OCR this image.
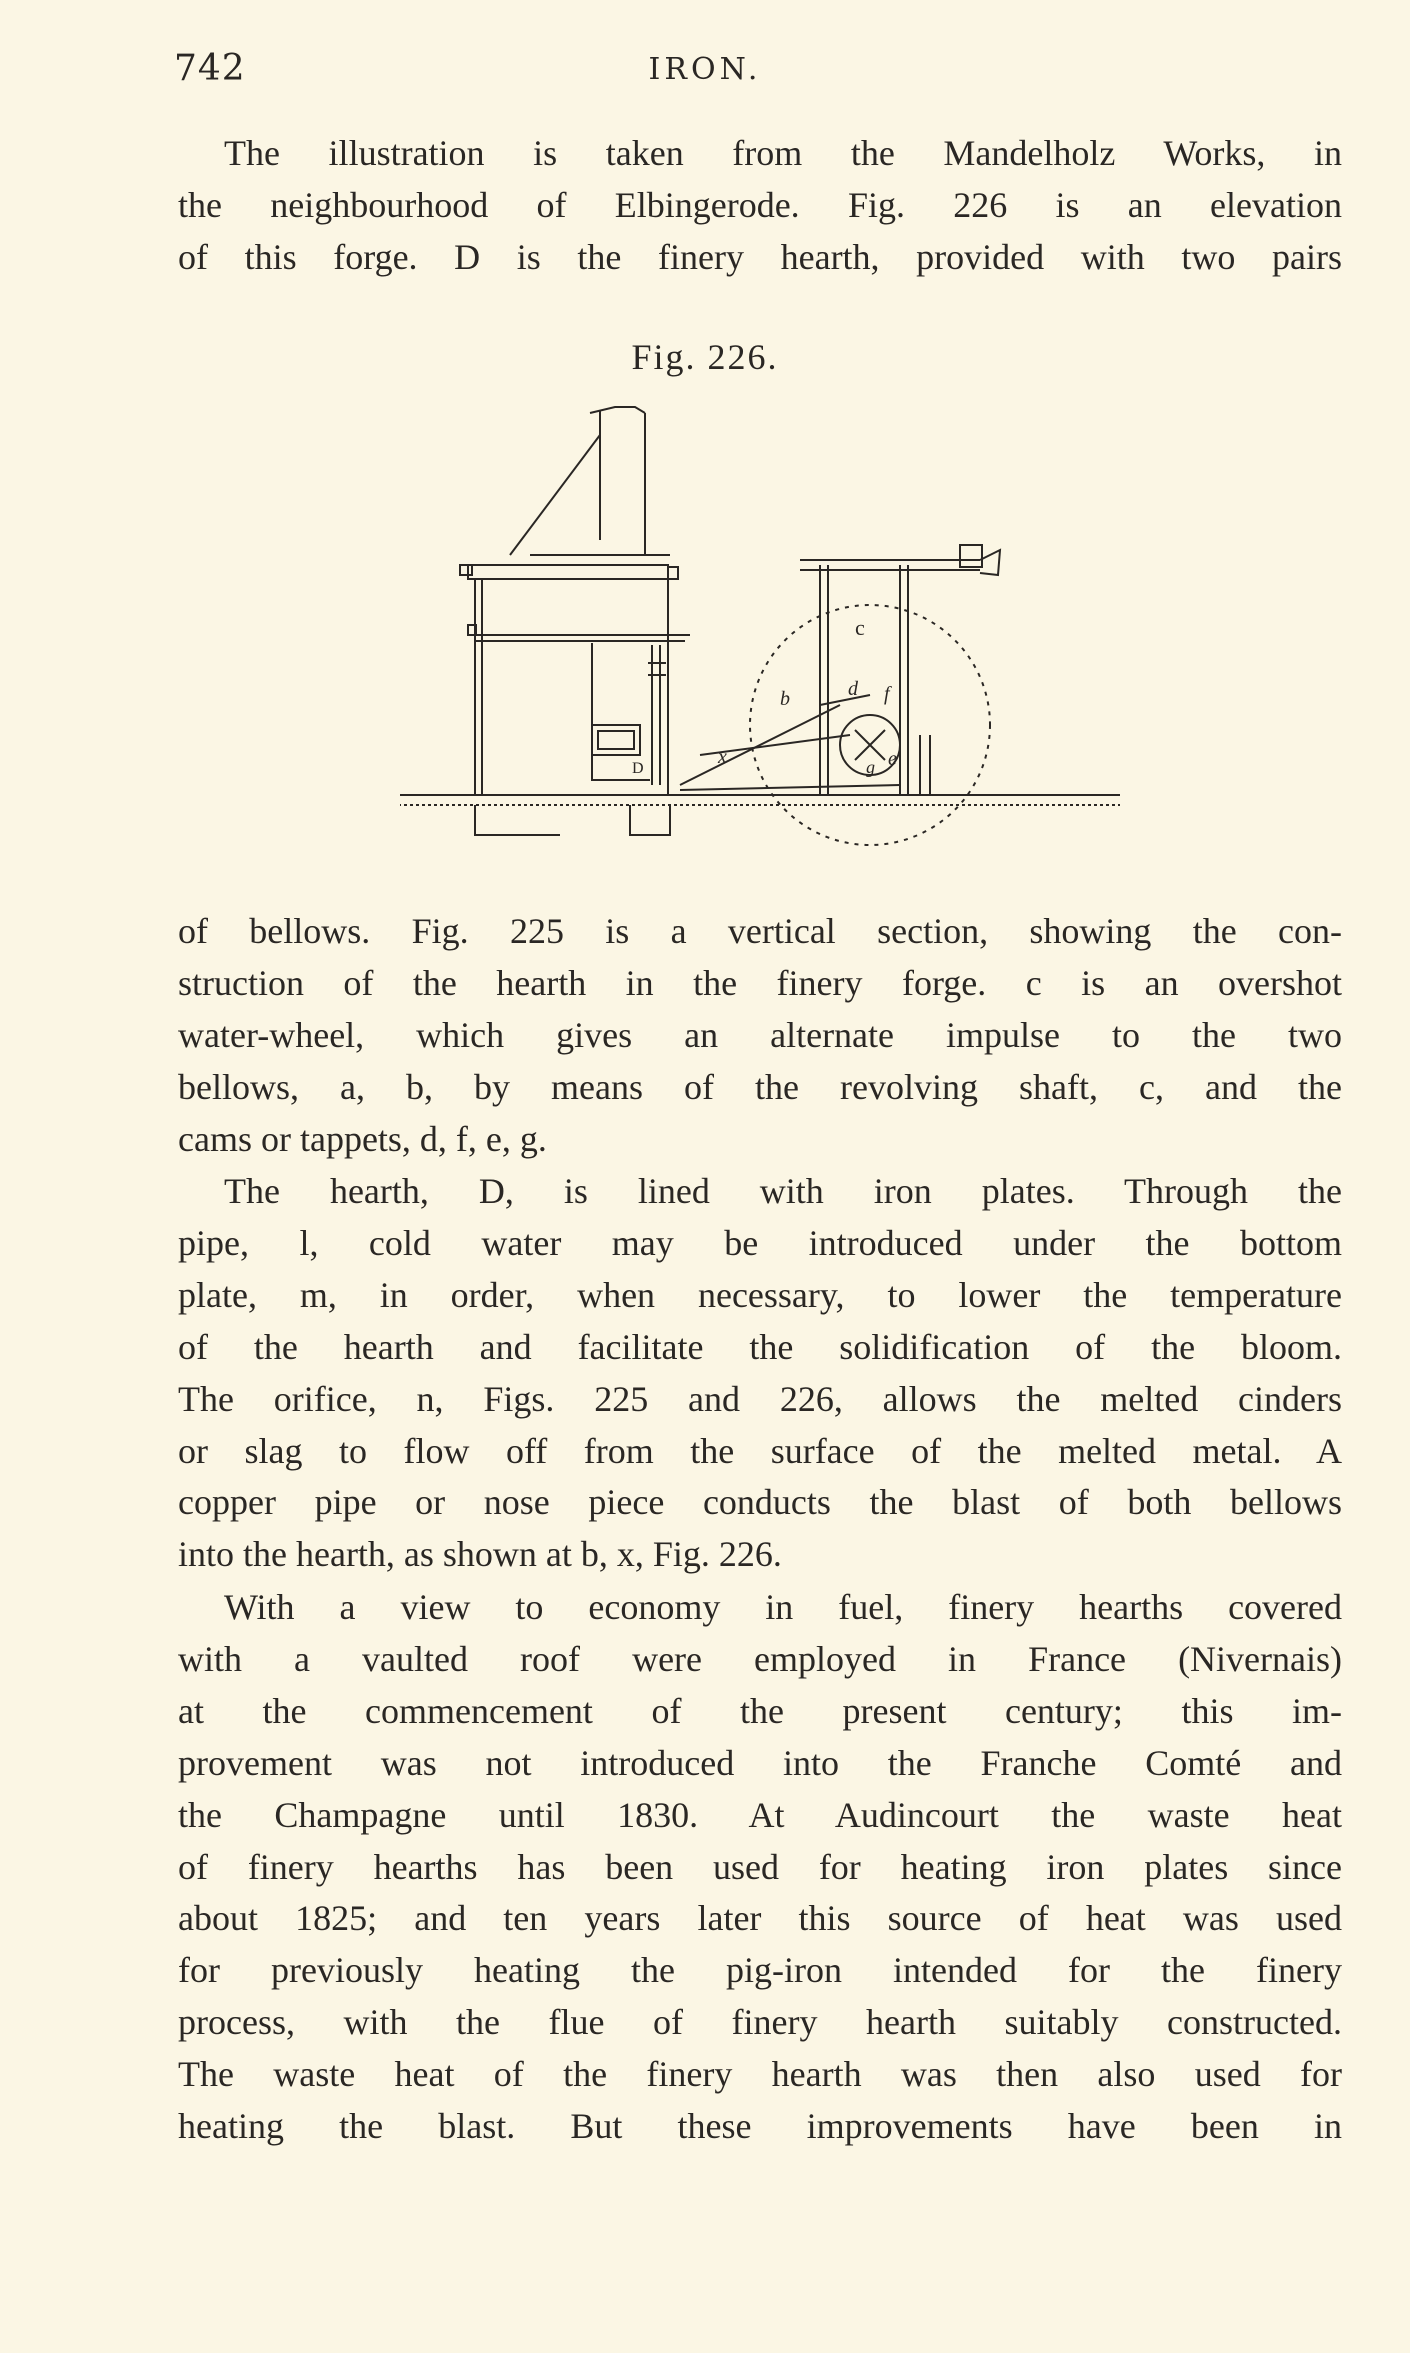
742	IRON.
The illustration is taken from the Mandelholz Works, in
the neighbourhood of Elbingerode. Fig. 226 is an elevation
of this forge. D is the finery hearth, provided with two pairs
Fig. 226.
D
c
b
x
d f
e
g
of bellows. Fig. 225 is a vertical section, showing the con-
struction of the hearth in the finery forge. c is an overshot
water-wheel, which gives an alternate impulse to the two
bellows, a, b, by means of the revolving shaft, c, and the
cams or tappets, d, f, e, g.
The hearth, D, is lined with iron plates. Through the
pipe, l, cold water may be introduced under the bottom
plate, m, in order, when necessary, to lower the temperature
of the hearth and facilitate the solidification of the bloom.
The orifice, n, Figs. 225 and 226, allows the melted cinders
or slag to flow off from the surface of the melted metal. A
copper pipe or nose piece conducts the blast of both bellows
into the hearth, as shown at b, x, Fig. 226.
With a view to economy in fuel, finery hearths covered
with a vaulted roof were employed in France (Nivernais)
at the commencement of the present century; this im-
provement was not introduced into the Franche Comté and
the Champagne until 1830. At Audincourt the waste heat
of finery hearths has been used for heating iron plates since
about 1825; and ten years later this source of heat was used
for previously heating the pig-iron intended for the finery
process, with the flue of finery hearth suitably constructed.
The waste heat of the finery hearth was then also used for
heating the blast. But these improvements have been in
